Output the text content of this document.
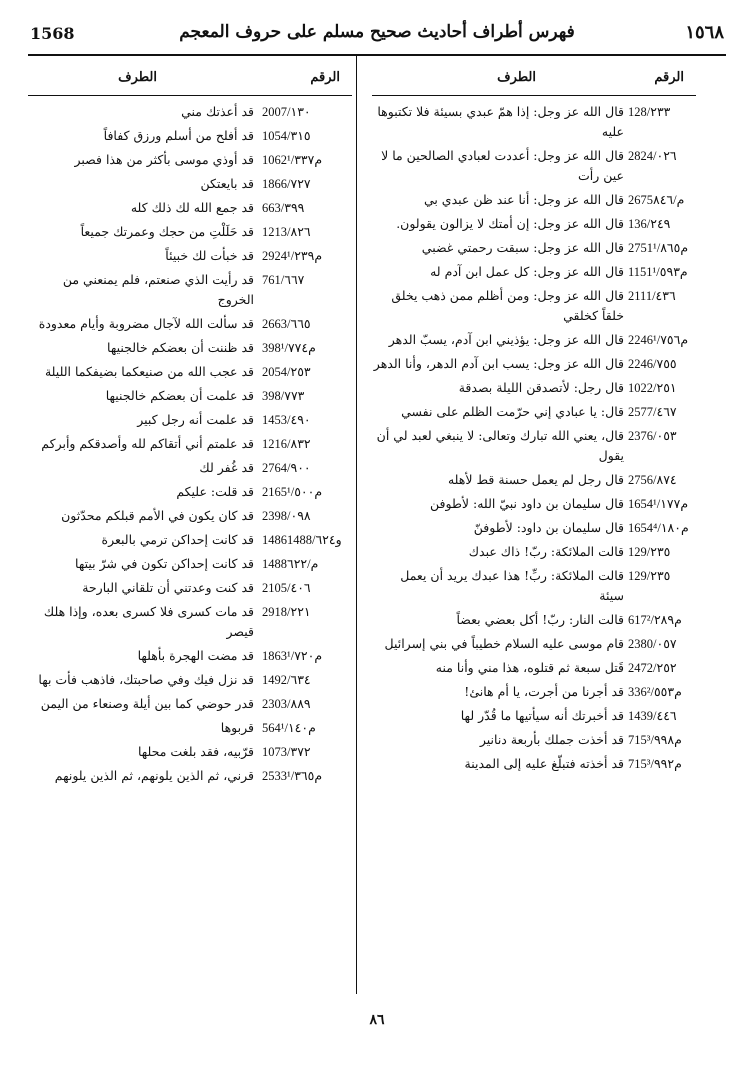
1568	فهرس أطراف أحاديث صحيح مسلم على حروف المعجم	١٥٦٨
الرقم
الطرف
128/٢٣٣
قال الله عز وجل: إذا همّ عبدي بسيئة فلا تكتبوها عليه
2824/٠٢٦
قال الله عز وجل: أعددت لعبادي الصالحين ما لا عين رأت
2675م/٨٤٦
قال الله عز وجل: أنا عند ظن عبدي بي
136/٢٤٩
قال الله عز وجل: إن أمتك لا يزالون يقولون.
2751م¹/٨٦٥
قال الله عز وجل: سبقت رحمتي غضبي
1151م¹/٥٩٣
قال الله عز وجل: كل عمل ابن آدم له
2111/٤٣٦
قال الله عز وجل: ومن أظلم ممن ذهب يخلق خلقاً كخلقي
2246م¹/٧٥٦
قال الله عز وجل: يؤذيني ابن آدم، يسبّ الدهر
2246/٧٥٥
قال الله عز وجل: يسب ابن آدم الدهر، وأنا الدهر
1022/٢٥١
قال رجل: لأتصدقن الليلة بصدقة
2577/٤٦٧
قال: يا عبادي إني حرّمت الظلم على نفسي
2376/٠٥٣
قال، يعني الله تبارك وتعالى: لا ينبغي لعبد لي أن يقول
2756/٨٧٤
قال رجل لم يعمل حسنة قط لأهله
1654م¹/١٧٧
قال سليمان بن داود نبيّ الله: لأطوفن
1654م⁴/١٨٠
قال سليمان بن داود: لأطوفنّ
129/٢٣٥
قالت الملائكة: ربّ! ذاك عبدك
129/٢٣٥
قالت الملائكة: ربِّ! هذا عبدك يريد أن يعمل سيئة
617م²/٢٨٩
قالت النار: ربّ! أكل بعضي بعضاً
2380/٠٥٧
قام موسى عليه السلام خطيباً في بني إسرائيل
2472/٢٥٢
قَتل سبعة ثم قتلوه، هذا مني وأنا منه
336م²/٥٥٣
قد أجرنا من أجرت، يا أم هانئ!
1439/٤٤٦
قد أخبرتك أنه سيأتيها ما قُدّر لها
715م³/٩٩٨
قد أخذت جملك بأربعة دنانير
715م³/٩٩٢
قد أخذته فتبلّغ عليه إلى المدينة
الرقم
الطرف
2007/١٣٠
قد أعذتك مني
1054/٣١٥
قد أفلح من أسلم ورزق كفافاً
1062م¹/٣٣٧
قد أوذي موسى بأكثر من هذا فصبر
1866/٧٢٧
قد بايعتكن
663/٣٩٩
قد جمع الله لك ذلك كله
1213/٨٢٦
قد حَلَلْتِ من حجك وعمرتك جميعاً
2924م¹/٢٣٩
قد خبأت لك خبيئاً
761/٦٦٧
قد رأيت الذي صنعتم، فلم يمنعني من الخروج
2663/٦٦٥
قد سألت الله لآجال مضروبة وأيام معدودة
398م¹/٧٧٤
قد ظننت أن بعضكم خالجنيها
2054/٢٥٣
قد عجب الله من صنيعكما بضيفكما الليلة
398/٧٧٣
قد علمت أن بعضكم خالجنيها
1453/٤٩٠
قد علمت أنه رجل كبير
1216/٨٣٢
قد علمتم أني أتقاكم لله وأصدقكم وأبركم
2764/٩٠٠
قد غُفر لك
2165م¹/٥٠٠
قد قلت: عليكم
2398/٠٩٨
قد كان يكون في الأمم قبلكم محدّثون
1486و1488/٦٢٤
قد كانت إحداكن ترمي بالبعرة
1488م/٦٢٢
قد كانت إحداكن تكون في شرّ بيتها
2105/٤٠٦
قد كنت وعدتني أن تلقاني البارحة
2918/٢٢١
قد مات كسرى فلا كسرى بعده، وإذا هلك قيصر
1863م¹/٧٢٠
قد مضت الهجرة بأهلها
1492/٦٣٤
قد نزل فيك وفي صاحبتك، فاذهب فأت بها
2303/٨٨٩
قدر حوضي كما بين أيلة وصنعاء من اليمن
564م¹/١٤٠
قربوها
1073/٣٧٢
قرّبيه، فقد بلغت محلها
2533م¹/٣٦٥
قرني، ثم الذين يلونهم، ثم الذين يلونهم
٨٦
